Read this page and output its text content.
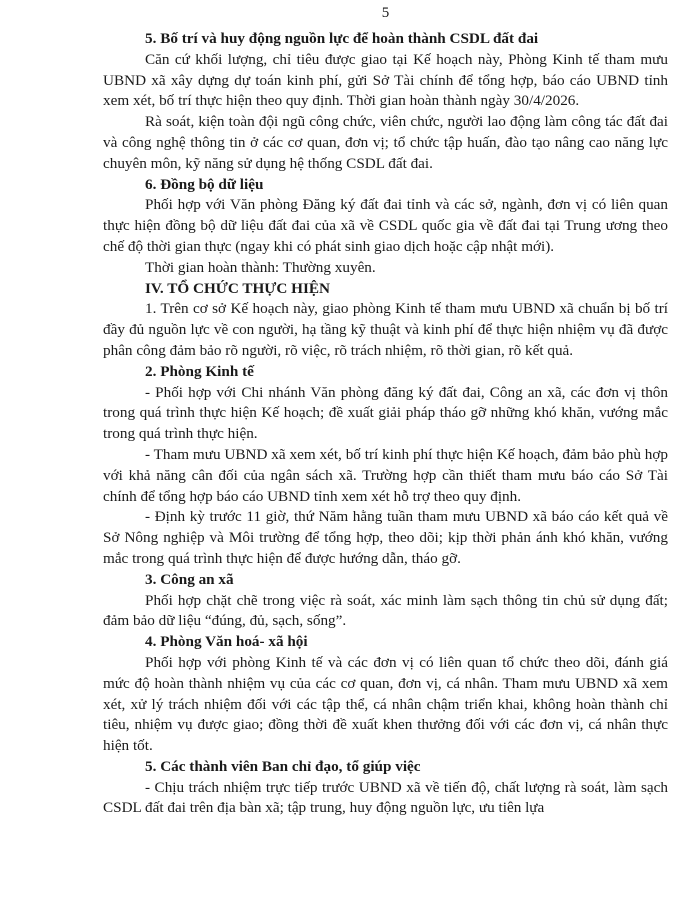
5

5. Bố trí và huy động nguồn lực để hoàn thành CSDL đất đai

Căn cứ khối lượng, chỉ tiêu được giao tại Kế hoạch này, Phòng Kinh tế tham mưu UBND xã xây dựng dự toán kinh phí, gửi Sở Tài chính để tổng hợp, báo cáo UBND tỉnh xem xét, bố trí thực hiện theo quy định. Thời gian hoàn thành ngày 30/4/2026.

Rà soát, kiện toàn đội ngũ công chức, viên chức, người lao động làm công tác đất đai và công nghệ thông tin ở các cơ quan, đơn vị; tổ chức tập huấn, đào tạo nâng cao năng lực chuyên môn, kỹ năng sử dụng hệ thống CSDL đất đai.

6. Đồng bộ dữ liệu

Phối hợp với Văn phòng Đăng ký đất đai tỉnh và các sở, ngành, đơn vị có liên quan thực hiện đồng bộ dữ liệu đất đai của xã về CSDL quốc gia về đất đai tại Trung ương theo chế độ thời gian thực (ngay khi có phát sinh giao dịch hoặc cập nhật mới).

Thời gian hoàn thành: Thường xuyên.

IV. TỔ CHỨC THỰC HIỆN

1. Trên cơ sở Kế hoạch này, giao phòng Kinh tế tham mưu UBND xã chuẩn bị bố trí đầy đủ nguồn lực về con người, hạ tầng kỹ thuật và kinh phí để thực hiện nhiệm vụ đã được phân công đảm bảo rõ người, rõ việc, rõ trách nhiệm, rõ thời gian, rõ kết quả.

2. Phòng Kinh tế

- Phối hợp với Chi nhánh Văn phòng đăng ký đất đai, Công an xã, các đơn vị thôn trong quá trình thực hiện Kế hoạch; đề xuất giải pháp tháo gỡ những khó khăn, vướng mắc trong quá trình thực hiện.

- Tham mưu UBND xã xem xét, bố trí kinh phí thực hiện Kế hoạch, đảm bảo phù hợp với khả năng cân đối của ngân sách xã. Trường hợp cần thiết tham mưu báo cáo Sở Tài chính để tổng hợp báo cáo UBND tỉnh xem xét hỗ trợ theo quy định.

- Định kỳ trước 11 giờ, thứ Năm hằng tuần tham mưu UBND xã báo cáo kết quả về Sở Nông nghiệp và Môi trường để tổng hợp, theo dõi; kịp thời phản ánh khó khăn, vướng mắc trong quá trình thực hiện để được hướng dẫn, tháo gỡ.

3. Công an xã

Phối hợp chặt chẽ trong việc rà soát, xác minh làm sạch thông tin chủ sử dụng đất; đảm bảo dữ liệu “đúng, đủ, sạch, sống”.

4. Phòng Văn hoá- xã hội

Phối hợp với phòng Kinh tế và các đơn vị có liên quan tổ chức theo dõi, đánh giá mức độ hoàn thành nhiệm vụ của các cơ quan, đơn vị, cá nhân. Tham mưu UBND xã xem xét, xử lý trách nhiệm đối với các tập thể, cá nhân chậm triển khai, không hoàn thành chỉ tiêu, nhiệm vụ được giao; đồng thời đề xuất khen thưởng đối với các đơn vị, cá nhân thực hiện tốt.

5. Các thành viên Ban chỉ đạo, tổ giúp việc

- Chịu trách nhiệm trực tiếp trước UBND xã về tiến độ, chất lượng rà soát, làm sạch CSDL đất đai trên địa bàn xã; tập trung, huy động nguồn lực, ưu tiên lựa
